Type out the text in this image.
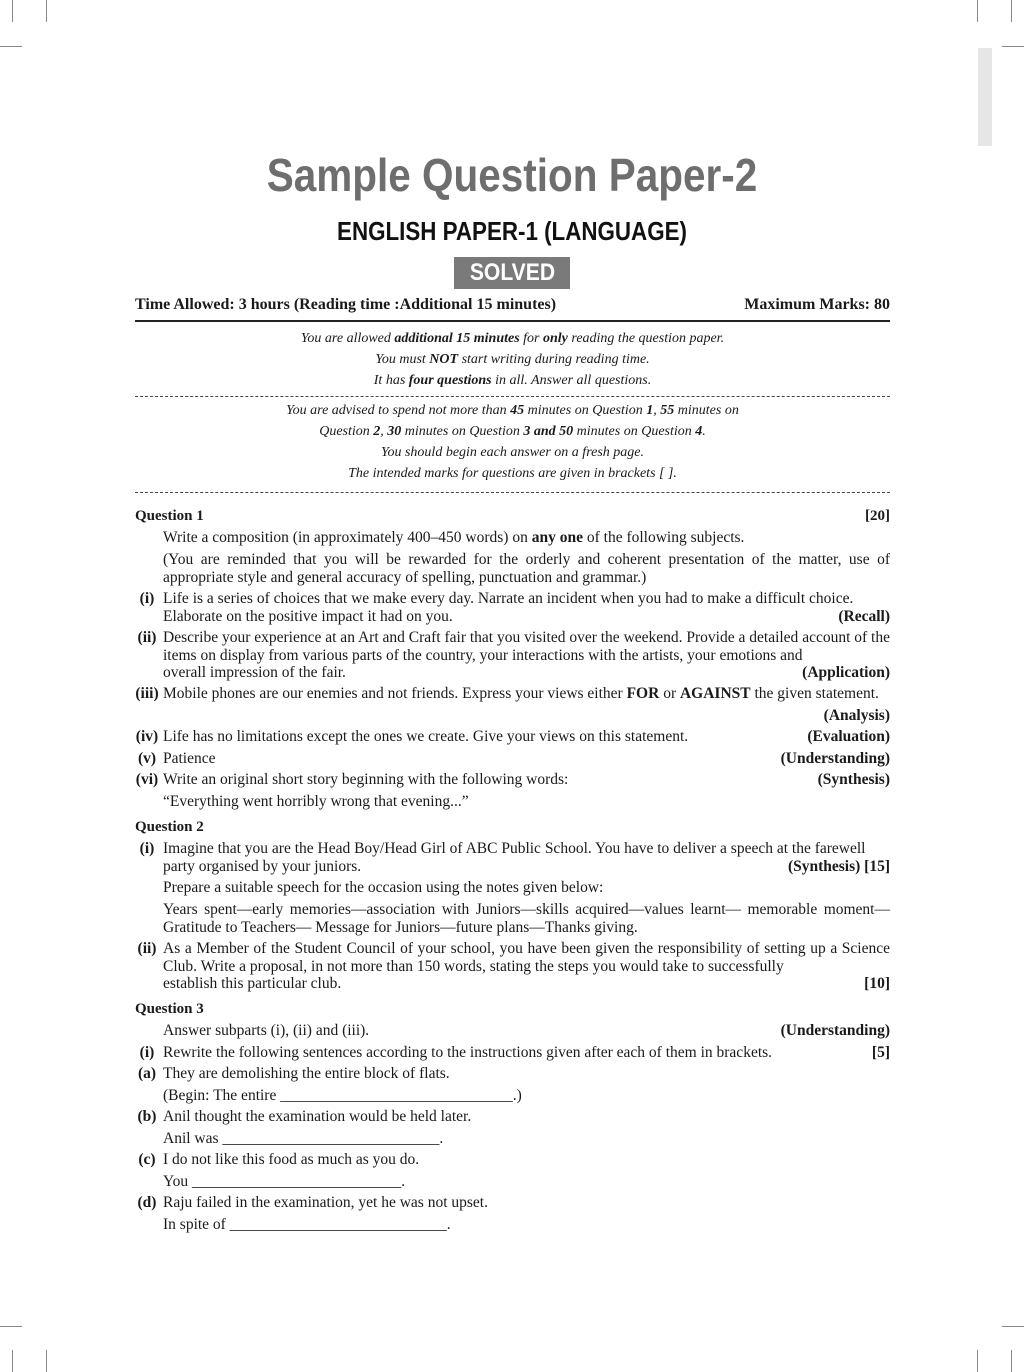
Sample Question Paper-2
ENGLISH PAPER-1 (LANGUAGE)
SOLVED
Time Allowed: 3 hours (Reading time :Additional 15 minutes)	Maximum Marks: 80
You are allowed additional 15 minutes for only reading the question paper.
You must NOT start writing during reading time.
It has four questions in all. Answer all questions.
You are advised to spend not more than 45 minutes on Question 1, 55 minutes on
Question 2, 30 minutes on Question 3 and 50 minutes on Question 4.
You should begin each answer on a fresh page.
The intended marks for questions are given in brackets [ ].
Question 1	[20]
Write a composition (in approximately 400–450 words) on any one of the following subjects.
(You are reminded that you will be rewarded for the orderly and coherent presentation of the matter, use of appropriate style and general accuracy of spelling, punctuation and grammar.)
(i) Life is a series of choices that we make every day. Narrate an incident when you had to make a difficult choice.
(Recall)
Elaborate on the positive impact it had on you.
(ii) Describe your experience at an Art and Craft fair that you visited over the weekend. Provide a detailed account of the items on display from various parts of the country, your interactions with the artists, your emotions and
(Application)
overall impression of the fair.
(iii) Mobile phones are our enemies and not friends. Express your views either FOR or AGAINST the given statement.
(Analysis)
(iv)	(Evaluation)
Life has no limitations except the ones we create. Give your views on this statement.
(v)	(Understanding)
Patience
(vi)	(Synthesis)
Write an original short story beginning with the following words:
“Everything went horribly wrong that evening...”
Question 2
(i) Imagine that you are the Head Boy/Head Girl of ABC Public School. You have to deliver a speech at the farewell
(Synthesis) [15]
party organised by your juniors.
Prepare a suitable speech for the occasion using the notes given below:
Years spent—early memories—association with Juniors—skills acquired—values learnt— memorable moment— Gratitude to Teachers— Message for Juniors—future plans—Thanks giving.
(ii) As a Member of the Student Council of your school, you have been given the responsibility of setting up a Science Club. Write a proposal, in not more than 150 words, stating the steps you would take to successfully
[10]
establish this particular club.
Question 3
(Understanding)
Answer subparts (i), (ii) and (iii).
(i)	[5]
Rewrite the following sentences according to the instructions given after each of them in brackets.
(a) They are demolishing the entire block of flats.
(Begin: The entire ______________________________.)
(b) Anil thought the examination would be held later.
Anil was ____________________________.
(c) I do not like this food as much as you do.
You ___________________________.
(d) Raju failed in the examination, yet he was not upset.
In spite of ____________________________.
